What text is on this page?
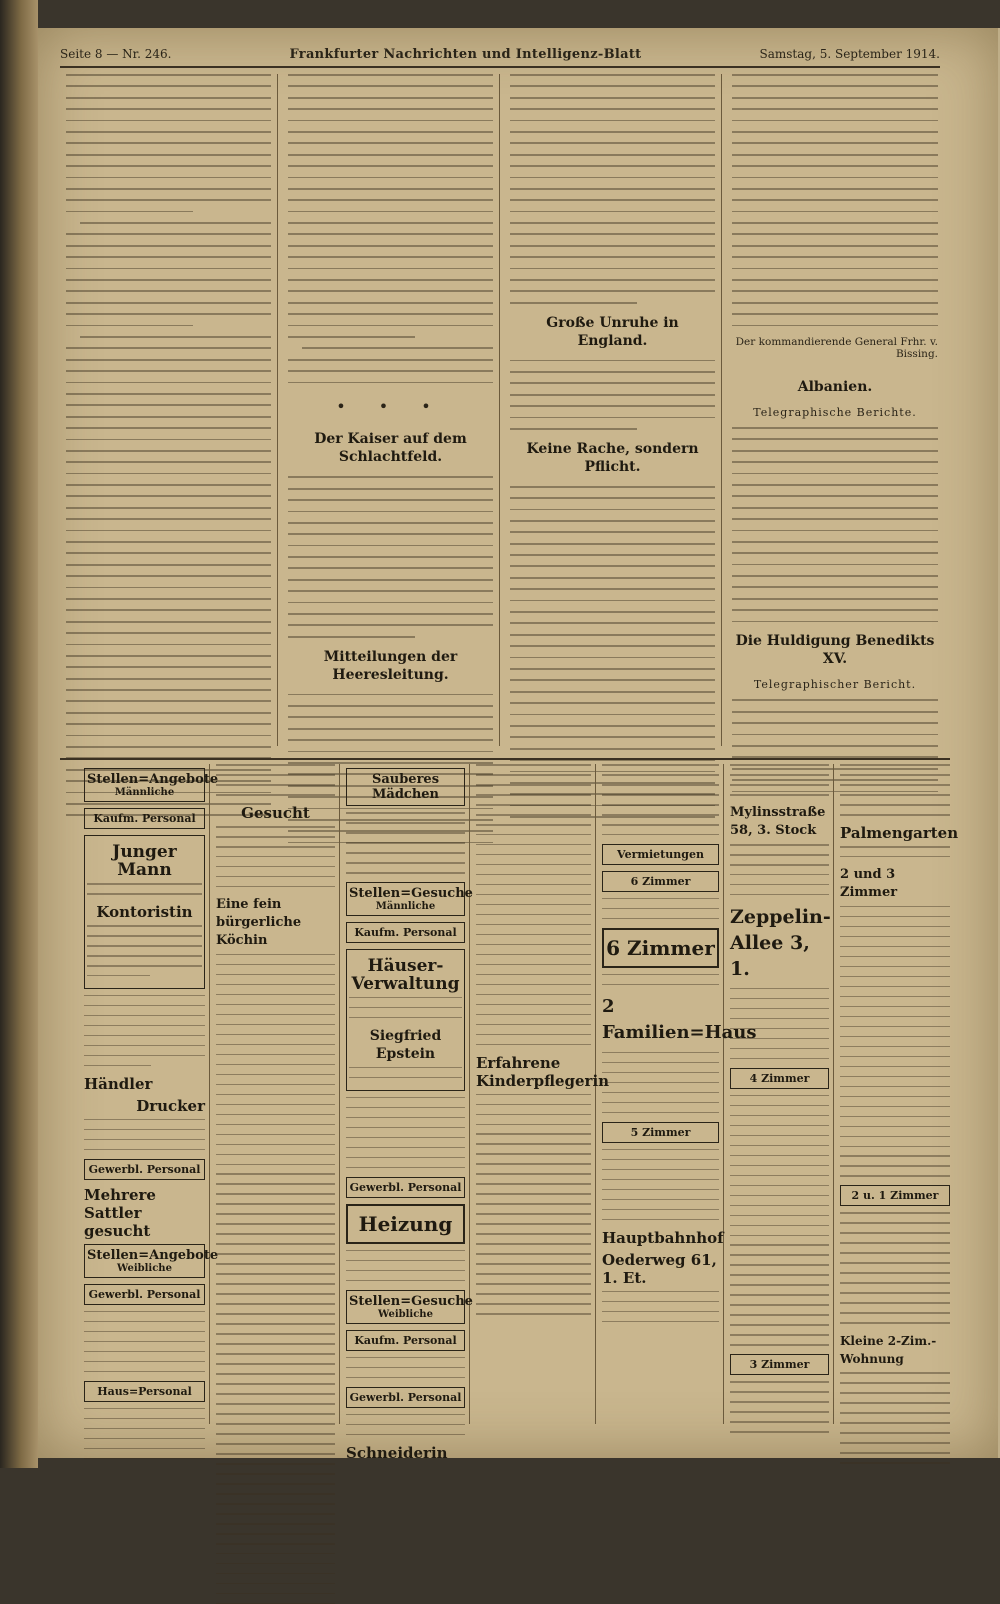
Seite 8 — Nr. 246.	Frankfurter Nachrichten und Intelligenz-Blatt	Samstag, 5. September 1914.
• • •
Der Kaiser auf dem Schlachtfeld.
Mitteilungen der Heeresleitung.
Große Unruhe in England.
Keine Rache, sondern Pflicht.
Der kommandierende General Frhr. v. Bissing.
Albanien.
Telegraphische Berichte.
Die Huldigung Benedikts XV.
Telegraphischer Bericht.
Stellen=Angebote
Männliche
Kaufm. Personal
Junger Mann
Kontoristin
Händler
Drucker
Gewerbl. Personal
Mehrere Sattler gesucht
Stellen=Angebote
Weibliche
Gewerbl. Personal
Haus=Personal
Gesucht
Eine fein bürgerliche Köchin
Sauberes Mädchen
Stellen=Gesuche
Männliche
Kaufm. Personal
Häuser-Verwaltung
Siegfried Epstein
Gewerbl. Personal
Heizung
Stellen=Gesuche
Weibliche
Kaufm. Personal
Gewerbl. Personal
Schneiderin
Erfahrene Kinderpflegerin
Vermietungen
6 Zimmer
6 Zimmer
2 Familien=Haus
5 Zimmer
Hauptbahnhof
Oederweg 61, 1. Et.
Mylinsstraße 58, 3. Stock
Zeppelin-Allee 3, 1.
4 Zimmer
3 Zimmer
Palmengarten
2 und 3 Zimmer
2 u. 1 Zimmer
Kleine 2-Zim.-Wohnung
